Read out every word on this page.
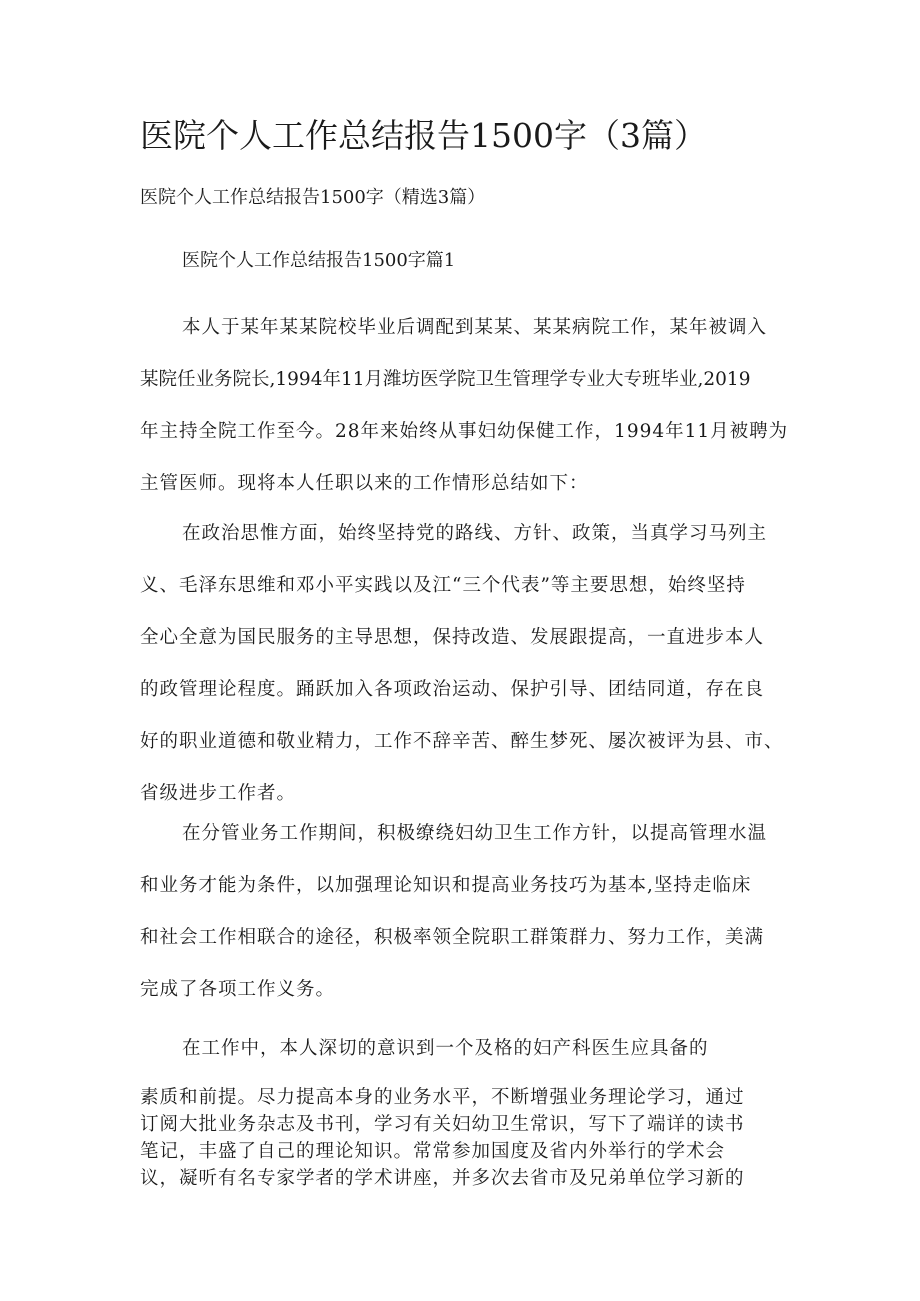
医院个人工作总结报告1500字（3篇）
医院个人工作总结报告1500字（精选3篇）
医院个人工作总结报告1500字篇1
本人于某年某某院校毕业后调配到某某、某某病院工作，某年被调入
某院任业务院长,1994年11月潍坊医学院卫生管理学专业大专班毕业,2019
年主持全院工作至今。28年来始终从事妇幼保健工作，1994年11月被聘为
主管医师。现将本人任职以来的工作情形总结如下：
在政治思惟方面，始终坚持党的路线、方针、政策，当真学习马列主
义、毛泽东思维和邓小平实践以及江“三个代表”等主要思想，始终坚持
全心全意为国民服务的主导思想，保持改造、发展跟提高，一直进步本人
的政管理论程度。踊跃加入各项政治运动、保护引导、团结同道，存在良
好的职业道德和敬业精力，工作不辞辛苦、醉生梦死、屡次被评为县、市、
省级进步工作者。
在分管业务工作期间，积极缭绕妇幼卫生工作方针，以提高管理水温
和业务才能为条件，以加强理论知识和提高业务技巧为基本,坚持走临床
和社会工作相联合的途径，积极率领全院职工群策群力、努力工作，美满
完成了各项工作义务。
在工作中，本人深切的意识到一个及格的妇产科医生应具备的
素质和前提。尽力提高本身的业务水平，不断增强业务理论学习，通过
订阅大批业务杂志及书刊，学习有关妇幼卫生常识，写下了端详的读书
笔记，丰盛了自己的理论知识。常常参加国度及省内外举行的学术会
议，凝听有名专家学者的学术讲座，并多次去省市及兄弟单位学习新的
